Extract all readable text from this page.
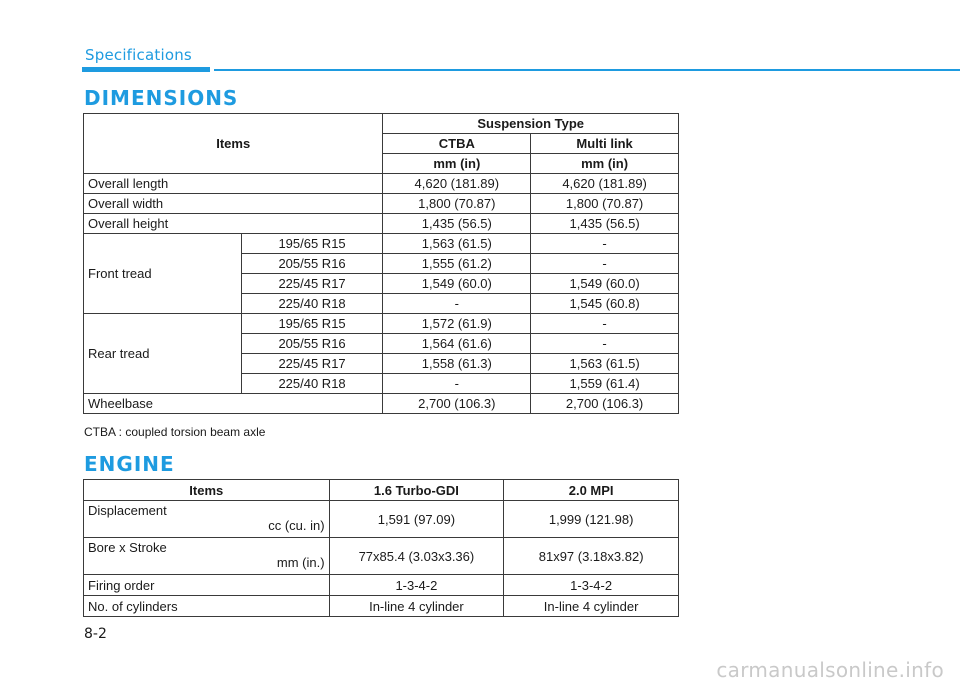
Specifications
DIMENSIONS
Items		Suspension Type	
		CTBA	Multi link
		mm (in)	mm (in)
Overall length		4,620 (181.89)	4,620 (181.89)
Overall width		1,800 (70.87)	1,800 (70.87)
Overall height		1,435 (56.5)	1,435 (56.5)
Front tread	195/65 R15	1,563 (61.5)	-
	205/55 R16	1,555 (61.2)	-
	225/45 R17	1,549 (60.0)	1,549 (60.0)
	225/40 R18	-	1,545 (60.8)
Rear tread	195/65 R15	1,572 (61.9)	-
	205/55 R16	1,564 (61.6)	-
	225/45 R17	1,558 (61.3)	1,563 (61.5)
	225/40 R18	-	1,559 (61.4)
Wheelbase		2,700 (106.3)	2,700 (106.3)
CTBA : coupled torsion beam axle
ENGINE
Items	1.6 Turbo-GDI	2.0 MPI
Displacement
cc (cu. in)	1,591 (97.09)	1,999 (121.98)
Bore x Stroke
mm (in.)	77x85.4 (3.03x3.36)	81x97 (3.18x3.82)
Firing order	1-3-4-2	1-3-4-2
No. of cylinders	In-line 4 cylinder	In-line 4 cylinder
8-2
carmanualsonline.info
